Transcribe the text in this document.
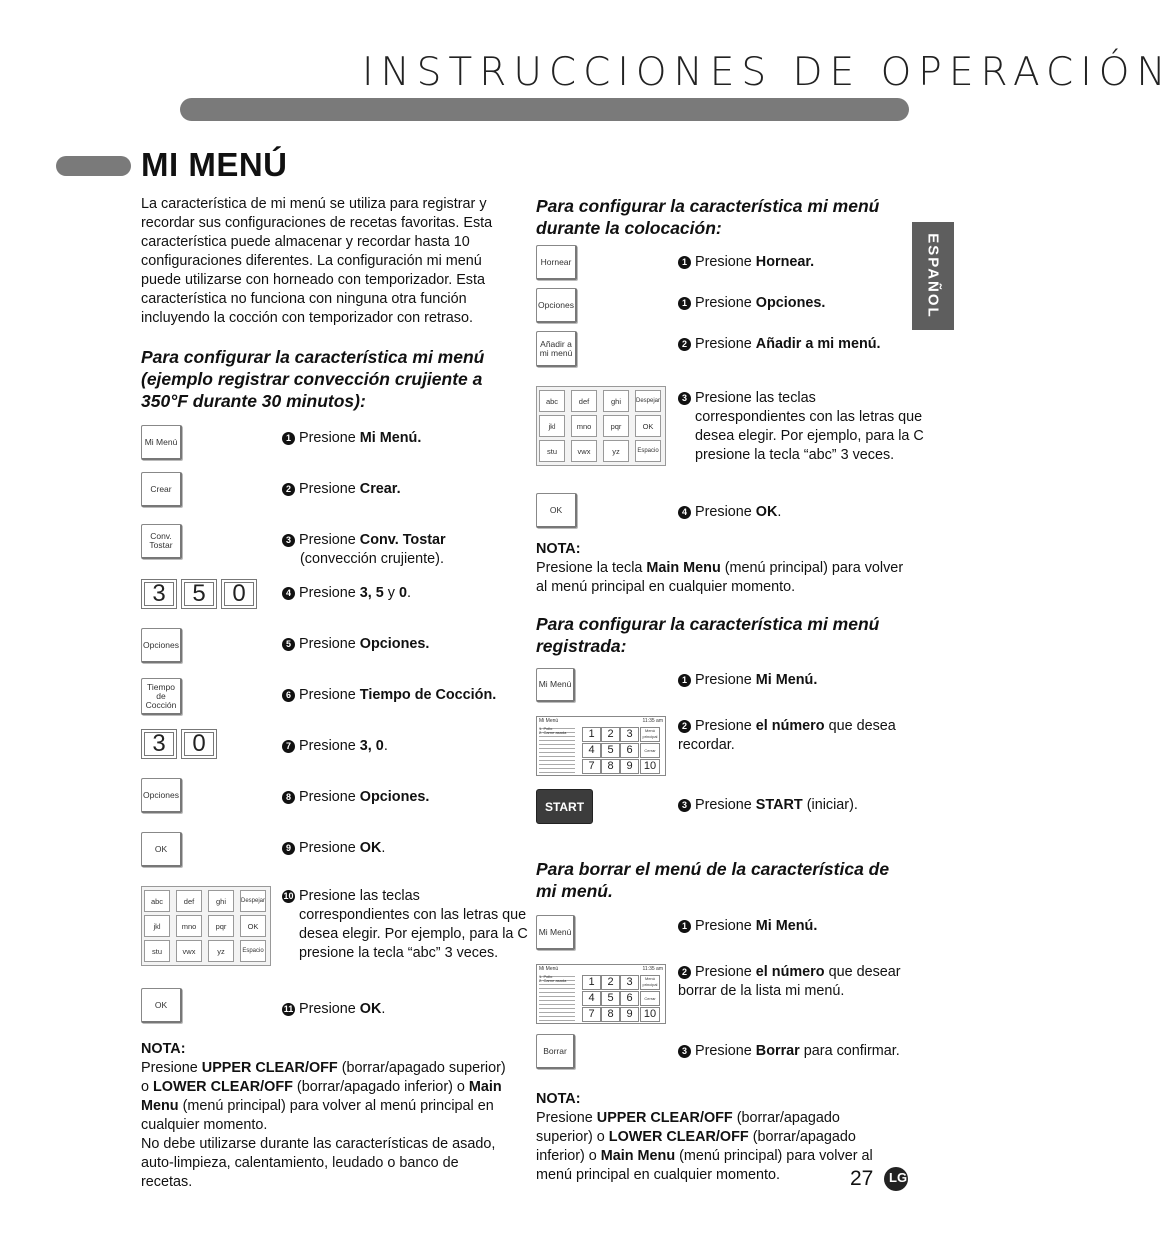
INSTRUCCIONES DE OPERACIÓN
MI MENÚ
ESPAÑOL
La característica de mi menú se utiliza para registrar y recordar sus configuraciones de recetas favoritas. Esta característica puede almacenar y recordar hasta 10 configuraciones diferentes. La configuración mi menú puede utilizarse con horneado con temporizador. Esta característica no funciona con ninguna otra función incluyendo la cocción con temporizador con retraso.
Para configurar la característica mi menú (ejemplo registrar convección crujiente a 350°F durante 30 minutos):
Mi Menú	1 Presione Mi Menú.
Crear	2 Presione Crear.
Conv. Tostar	3 Presione Conv. Tostar
(convección crujiente).
3	5	0	4 Presione 3, 5 y 0.
Opciones	5 Presione Opciones.
Tiempo de Cocción
6 Presione Tiempo de Cocción.
3	0	7 Presione 3, 0.
Opciones	8 Presione Opciones.
OK	9 Presione OK.
abc	def	ghi	Despejar
jkl	mno	pqr	OK
stu	vwx	yz	Espacio
10 Presione las teclas correspondientes con las letras que desea elegir. Por ejemplo, para la C presione la tecla “abc” 3 veces.
OK	11 Presione OK.
NOTA:
Presione UPPER CLEAR/OFF (borrar/apagado superior) o LOWER CLEAR/OFF (borrar/apagado inferior) o Main Menu (menú principal) para volver al menú principal en cualquier momento.
No debe utilizarse durante las características de asado, auto-limpieza, calentamiento, leudado o banco de recetas.
Para configurar la característica mi menú durante la colocación:
Hornear	1 Presione Hornear.
Opciones	1 Presione Opciones.
Añadir a mi menú
2 Presione Añadir a mi menú.
abc	def	ghi	Despejar
jkl	mno	pqr	OK
stu	vwx	yz	Espacio
3 Presione las teclas correspondientes con las letras que desea elegir. Por ejemplo, para la C presione la tecla “abc” 3 veces.
OK	4 Presione OK.
NOTA:
Presione la tecla Main Menu (menú principal) para volver al menú principal en cualquier momento.
Para configurar la característica mi menú registrada:
Mi Menú	1 Presione Mi Menú.
Mi Menú	11:35 am
1. Pollo
2. Carne asada	1	2	3
4	5	6
7	8	9
Menú principal
Cerrar
10
2 Presione el número que desea recordar.
START	3 Presione START (iniciar).
Para borrar el menú de la característica de mi menú.
Mi Menú
1 Presione Mi Menú.
Mi Menú	11:35 am
1. Pollo
2. Carne asada	1	2	3
4	5	6
7	8	9
Menú principal
Cerrar
10
2 Presione el número que desear borrar de la lista mi menú.
Borrar	3 Presione Borrar para confirmar.
NOTA:
Presione UPPER CLEAR/OFF (borrar/apagado superior) o LOWER CLEAR/OFF (borrar/apagado inferior) o Main Menu (menú principal) para volver al menú principal en cualquier momento.	27 LG
